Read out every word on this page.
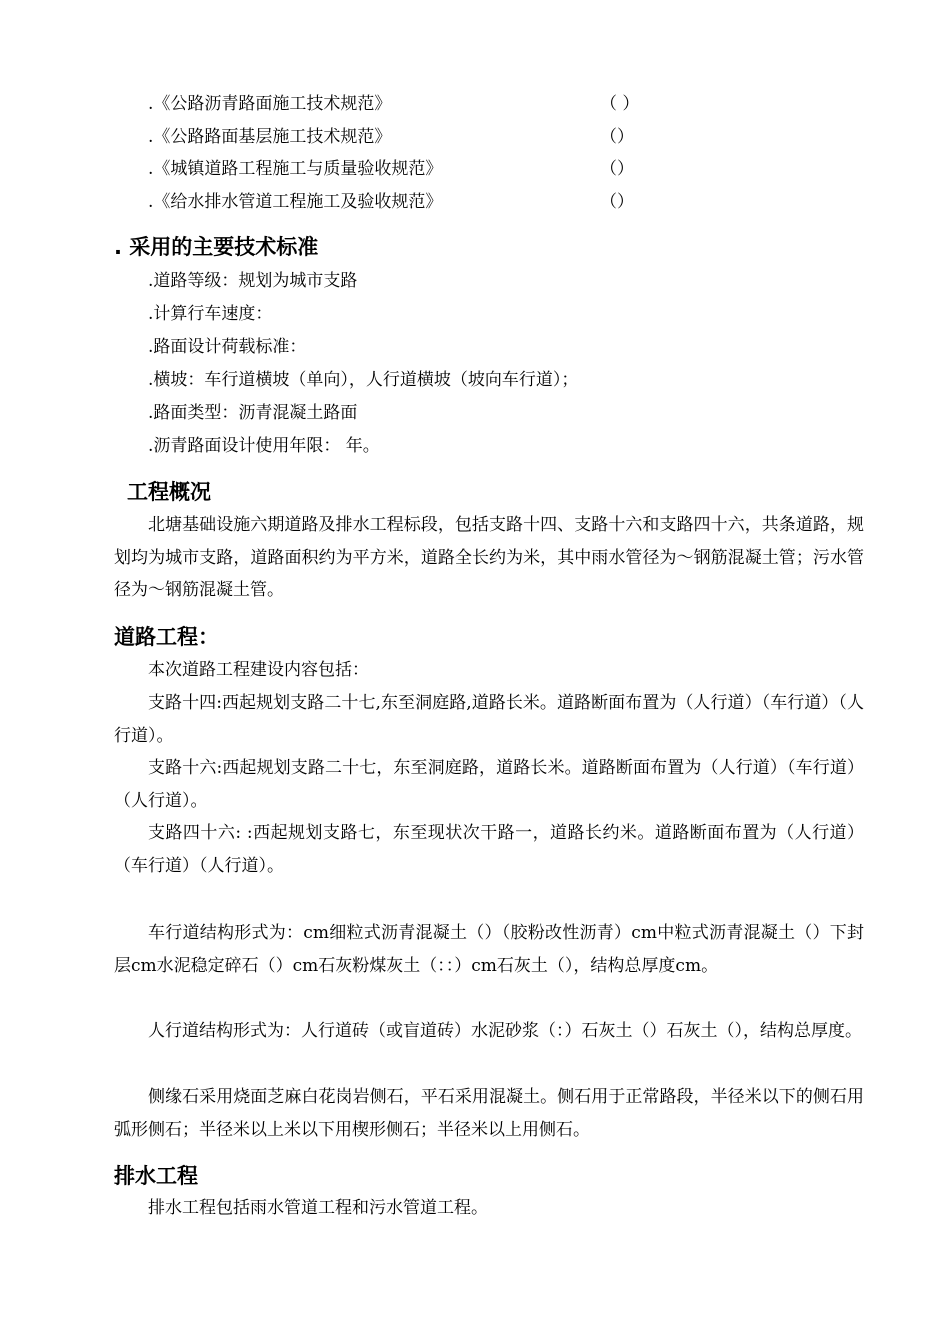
.《公路沥青路面施工技术规范》	（ ）
.《公路路面基层施工技术规范》	（）
.《城镇道路工程施工与质量验收规范》	（）
.《给水排水管道工程施工及验收规范》	（）
. 采用的主要技术标准
.道路等级：规划为城市支路
.计算行车速度：
.路面设计荷载标准：
.横坡：车行道横坡（单向），人行道横坡（坡向车行道）；
.路面类型：沥青混凝土路面
.沥青路面设计使用年限： 年。
工程概况
北塘基础设施六期道路及排水工程标段，包括支路十四、支路十六和支路四十六，共条道路，规划均为城市支路，道路面积约为平方米，道路全长约为米，其中雨水管径为～钢筋混凝土管；污水管径为～钢筋混凝土管。
道路工程：
本次道路工程建设内容包括：
支路十四:西起规划支路二十七,东至洞庭路,道路长米。道路断面布置为（人行道）（车行道）（人行道）。
支路十六:西起规划支路二十七，东至洞庭路，道路长米。道路断面布置为（人行道）（车行道）（人行道）。
支路四十六: :西起规划支路七，东至现状次干路一，道路长约米。道路断面布置为（人行道）（车行道）（人行道）。
车行道结构形式为：cm细粒式沥青混凝土（）（胶粉改性沥青）cm中粒式沥青混凝土（）下封层cm水泥稳定碎石（）cm石灰粉煤灰土（：：）cm石灰土（），结构总厚度cm。
人行道结构形式为：人行道砖（或盲道砖）水泥砂浆（：）石灰土（）石灰土（），结构总厚度。
侧缘石采用烧面芝麻白花岗岩侧石，平石采用混凝土。侧石用于正常路段，半径米以下的侧石用弧形侧石；半径米以上米以下用楔形侧石；半径米以上用侧石。
排水工程
排水工程包括雨水管道工程和污水管道工程。
